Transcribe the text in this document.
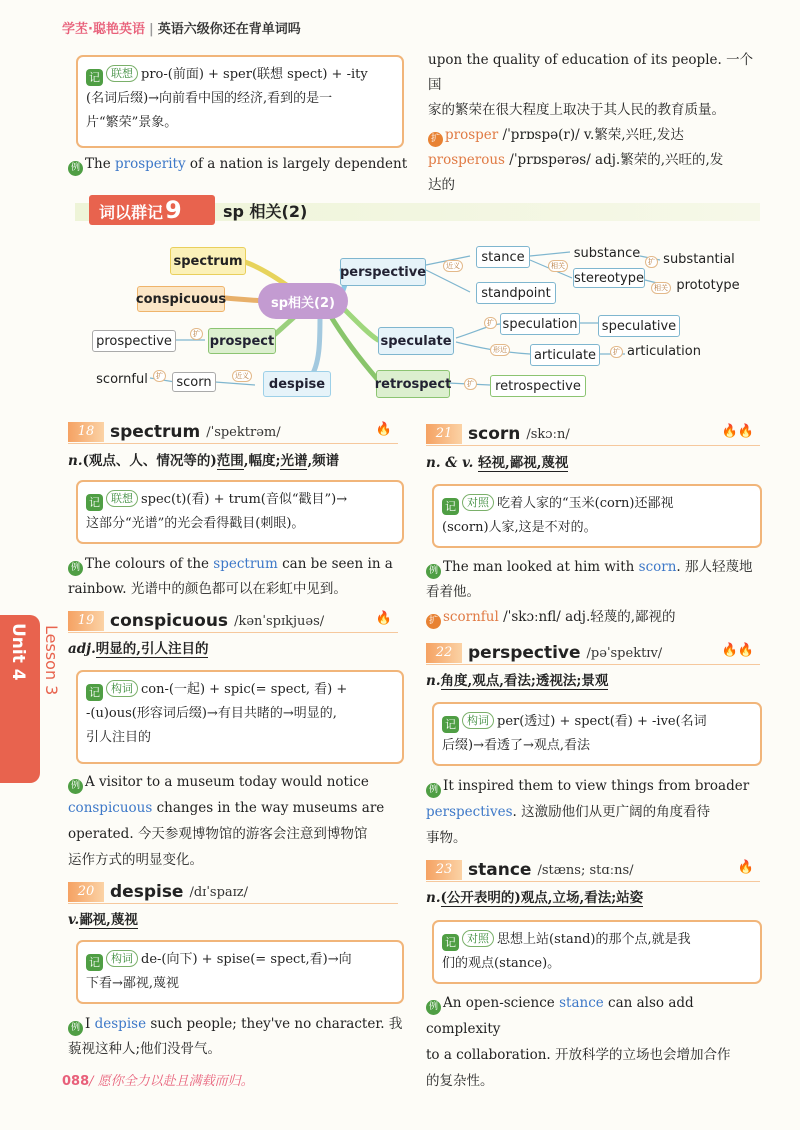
学苤·聪艳英语 | 英语六级你还在背单词吗
记 联想 pro-(前面) + sper(联想 spect) + -ity
(名词后缀)→向前看中国的经济,看到的是一
片“繁荣”景象。
例 The prosperity of a nation is largely dependent
upon the quality of education of its people. 一个国
家的繁荣在很大程度上取决于其人民的教育质量。
扩 prosper /ˈprɒspə(r)/ v.繁荣,兴旺,发达
prosperous /ˈprɒspərəs/ adj.繁荣的,兴旺的,发
达的
词以群记9	sp 相关(2)
spectrum
conspicuous
prospective	prospect
scornful	scorn	despise
sp相关(2)
perspective
stance
standpoint
substance substantial
stereotype prototype
speculate
speculation speculative
articulate	articulation
retrospect	retrospective
近义	相关
相关
扩
扩
形近	扩
扩
扩
扩	近义
Unit 4 Lesson 3
18 spectrum /ˈspektrəm/	🔥
n.(观点、人、情况等的)范围,幅度;光谱,频谱
记 联想 spec(t)(看) + trum(音似“戳目”)→
这部分“光谱”的光会看得戳目(刺眼)。
例 The colours of the spectrum can be seen in a
rainbow. 光谱中的颜色都可以在彩虹中见到。
19 conspicuous /kənˈspɪkjuəs/	🔥
adj.明显的,引人注目的
记 构词 con-(一起) + spic(= spect, 看) +
-(u)ous(形容词后缀)→有目共睹的→明显的,
引人注目的
例 A visitor to a museum today would notice
conspicuous changes in the way museums are
operated. 今天参观博物馆的游客会注意到博物馆
运作方式的明显变化。
20 despise /dɪˈspaɪz/
v.鄙视,蔑视
记 构词 de-(向下) + spise(= spect,看)→向
下看→鄙视,蔑视
例 I despise such people; they've no character. 我
藐视这种人;他们没骨气。
21 scorn /skɔːn/	🔥🔥
n. & v. 轻视,鄙视,蔑视
记 对照 吃着人家的“玉米(corn)还鄙视
(scorn)人家,这是不对的。
例 The man looked at him with scorn. 那人轻蔑地
看着他。
扩 scornful /ˈskɔːnfl/ adj.轻蔑的,鄙视的
22 perspective /pəˈspektɪv/	🔥🔥
n.角度,观点,看法;透视法;景观
记 构词 per(透过) + spect(看) + -ive(名词
后缀)→看透了→观点,看法
例 It inspired them to view things from broader
perspectives. 这激励他们从更广阔的角度看待
事物。
23 stance /stæns; stɑːns/	🔥
n.(公开表明的)观点,立场,看法;站姿
记 对照 思想上站(stand)的那个点,就是我
们的观点(stance)。
例 An open-science stance can also add complexity
to a collaboration. 开放科学的立场也会增加合作
的复杂性。
088/ 愿你全力以赴且满载而归。
